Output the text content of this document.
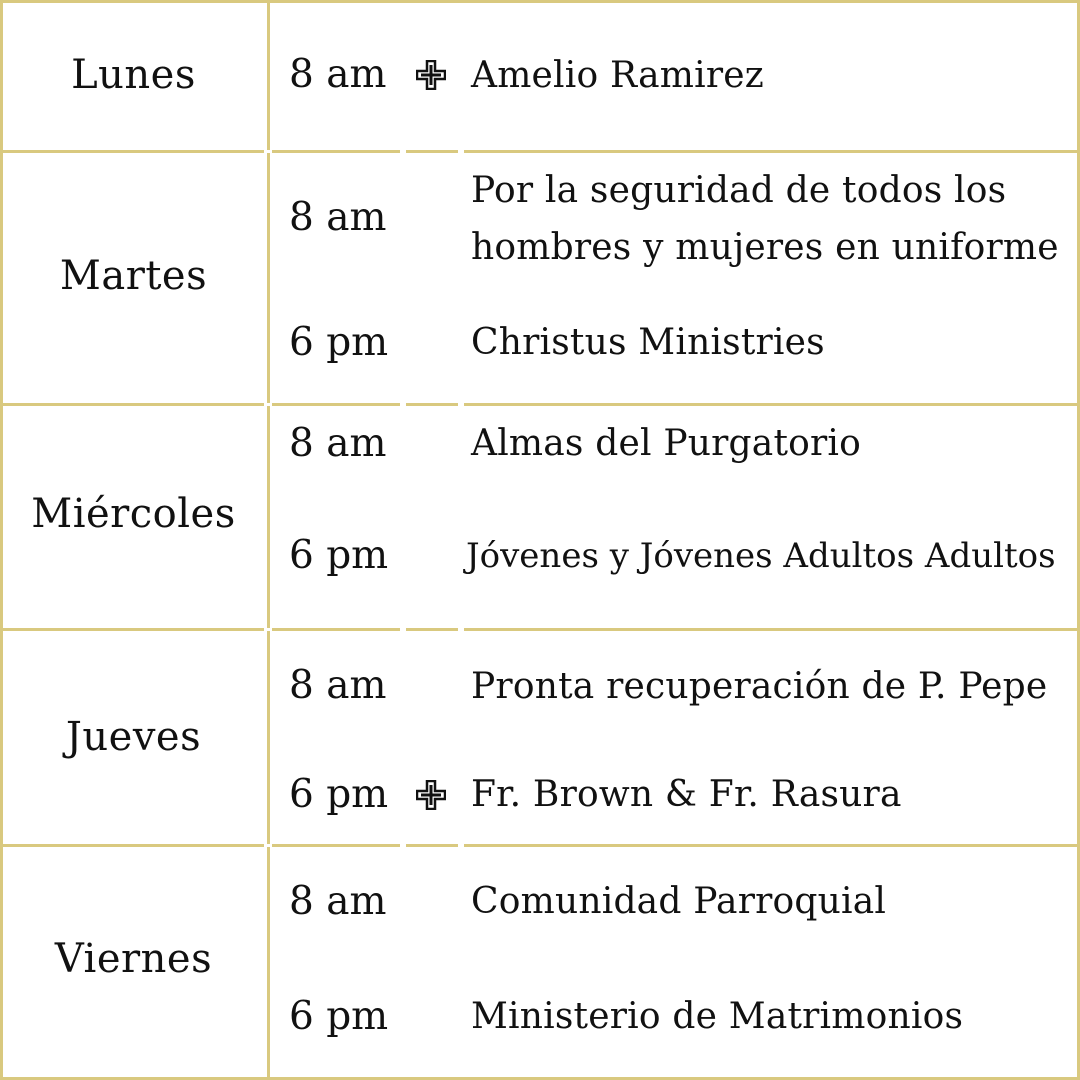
Lunes	8 am Amelio Ramirez
Martes
8 am
Por la seguridad de todos los
hombres y mujeres en uniforme
6 pm Christus Ministries
Miércoles
8 am Almas del Purgatorio
6 pm Jóvenes y Jóvenes Adultos Adultos
Jueves
8 am Pronta recuperación de P. Pepe
6 pm Fr. Brown & Fr. Rasura
Viernes
8 am Comunidad Parroquial
6 pm Ministerio de Matrimonios
